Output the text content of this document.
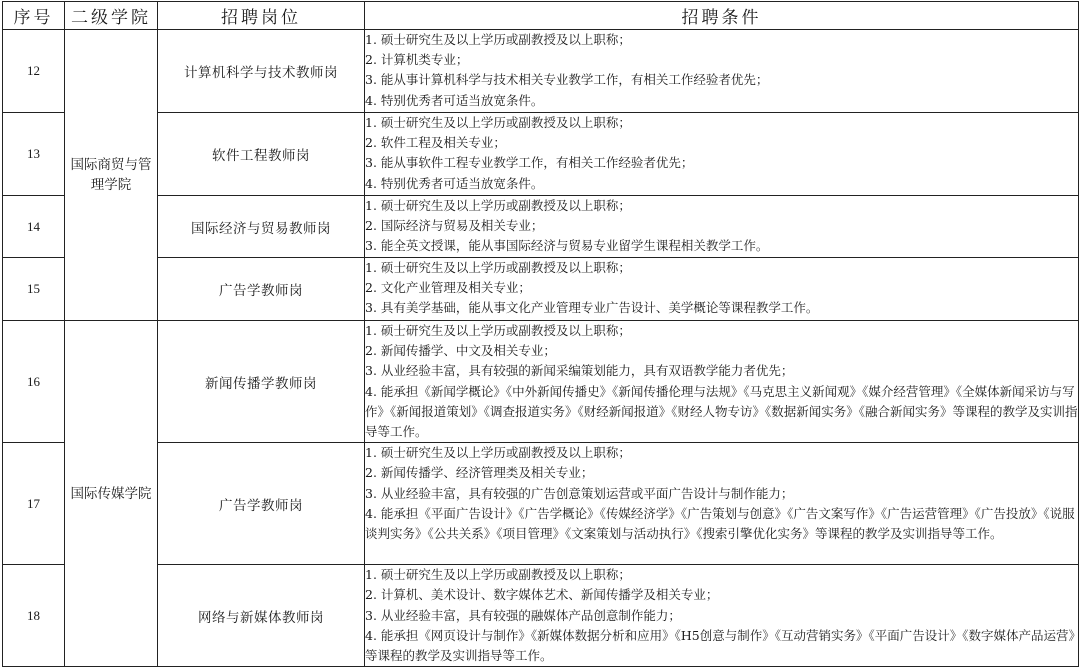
序号	二级学院	招聘岗位	招聘条件
12	国际商贸与管理学院	计算机科学与技术教师岗	1. 硕士研究生及以上学历或副教授及以上职称；
2. 计算机类专业；
3. 能从事计算机科学与技术相关专业教学工作，有相关工作经验者优先；
4. 特别优秀者可适当放宽条件。

13		软件工程教师岗	1. 硕士研究生及以上学历或副教授及以上职称；
2. 软件工程及相关专业；
3. 能从事软件工程专业教学工作，有相关工作经验者优先；
4. 特别优秀者可适当放宽条件。

14		国际经济与贸易教师岗	1. 硕士研究生及以上学历或副教授及以上职称；
2. 国际经济与贸易及相关专业；
3. 能全英文授课，能从事国际经济与贸易专业留学生课程相关教学工作。

15		广告学教师岗	1. 硕士研究生及以上学历或副教授及以上职称；
2. 文化产业管理及相关专业；
3. 具有美学基础，能从事文化产业管理专业广告设计、美学概论等课程教学工作。

16	国际传媒学院	新闻传播学教师岗	1. 硕士研究生及以上学历或副教授及以上职称；
2. 新闻传播学、中文及相关专业；
3. 从业经验丰富，具有较强的新闻采编策划能力，具有双语教学能力者优先；
4. 能承担《新闻学概论》《中外新闻传播史》《新闻传播伦理与法规》《马克思主义新闻观》《媒介经营管理》《全媒体新闻采访与写作》《新闻报道策划》《调查报道实务》《财经新闻报道》《财经人物专访》《数据新闻实务》《融合新闻实务》等课程的教学及实训指导等工作。

17		广告学教师岗	1. 硕士研究生及以上学历或副教授及以上职称；
2. 新闻传播学、经济管理类及相关专业；
3. 从业经验丰富，具有较强的广告创意策划运营或平面广告设计与制作能力；
4. 能承担《平面广告设计》《广告学概论》《传媒经济学》《广告策划与创意》《广告文案写作》《广告运营管理》《广告投放》《说服谈判实务》《公共关系》《项目管理》《文案策划与活动执行》《搜索引擎优化实务》等课程的教学及实训指导等工作。

18		网络与新媒体教师岗	1. 硕士研究生及以上学历或副教授及以上职称；
2. 计算机、美术设计、数字媒体艺术、新闻传播学及相关专业；
3. 从业经验丰富，具有较强的融媒体产品创意制作能力；
4. 能承担《网页设计与制作》《新媒体数据分析和应用》《H5创意与制作》《互动营销实务》《平面广告设计》《数字媒体产品运营》等课程的教学及实训指导等工作。
